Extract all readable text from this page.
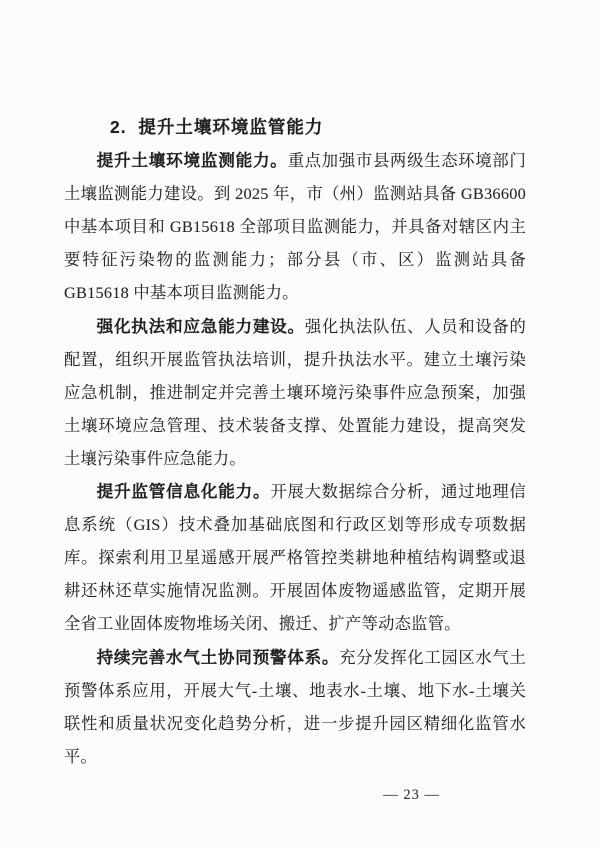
2.  提升土壤环境监管能力

提升土壤环境监测能力。重点加强市县两级生态环境部门土壤监测能力建设。到 2025 年，市（州）监测站具备 GB36600 中基本项目和 GB15618 全部项目监测能力，并具备对辖区内主要特征污染物的监测能力；部分县（市、区）监测站具备 GB15618 中基本项目监测能力。

强化执法和应急能力建设。强化执法队伍、人员和设备的配置，组织开展监管执法培训，提升执法水平。建立土壤污染应急机制，推进制定并完善土壤环境污染事件应急预案，加强土壤环境应急管理、技术装备支撑、处置能力建设，提高突发土壤污染事件应急能力。

提升监管信息化能力。开展大数据综合分析，通过地理信息系统（GIS）技术叠加基础底图和行政区划等形成专项数据库。探索利用卫星遥感开展严格管控类耕地种植结构调整或退耕还林还草实施情况监测。开展固体废物遥感监管，定期开展全省工业固体废物堆场关闭、搬迁、扩产等动态监管。

持续完善水气土协同预警体系。充分发挥化工园区水气土预警体系应用，开展大气-土壤、地表水-土壤、地下水-土壤关联性和质量状况变化趋势分析，进一步提升园区精细化监管水平。

— 23 —
